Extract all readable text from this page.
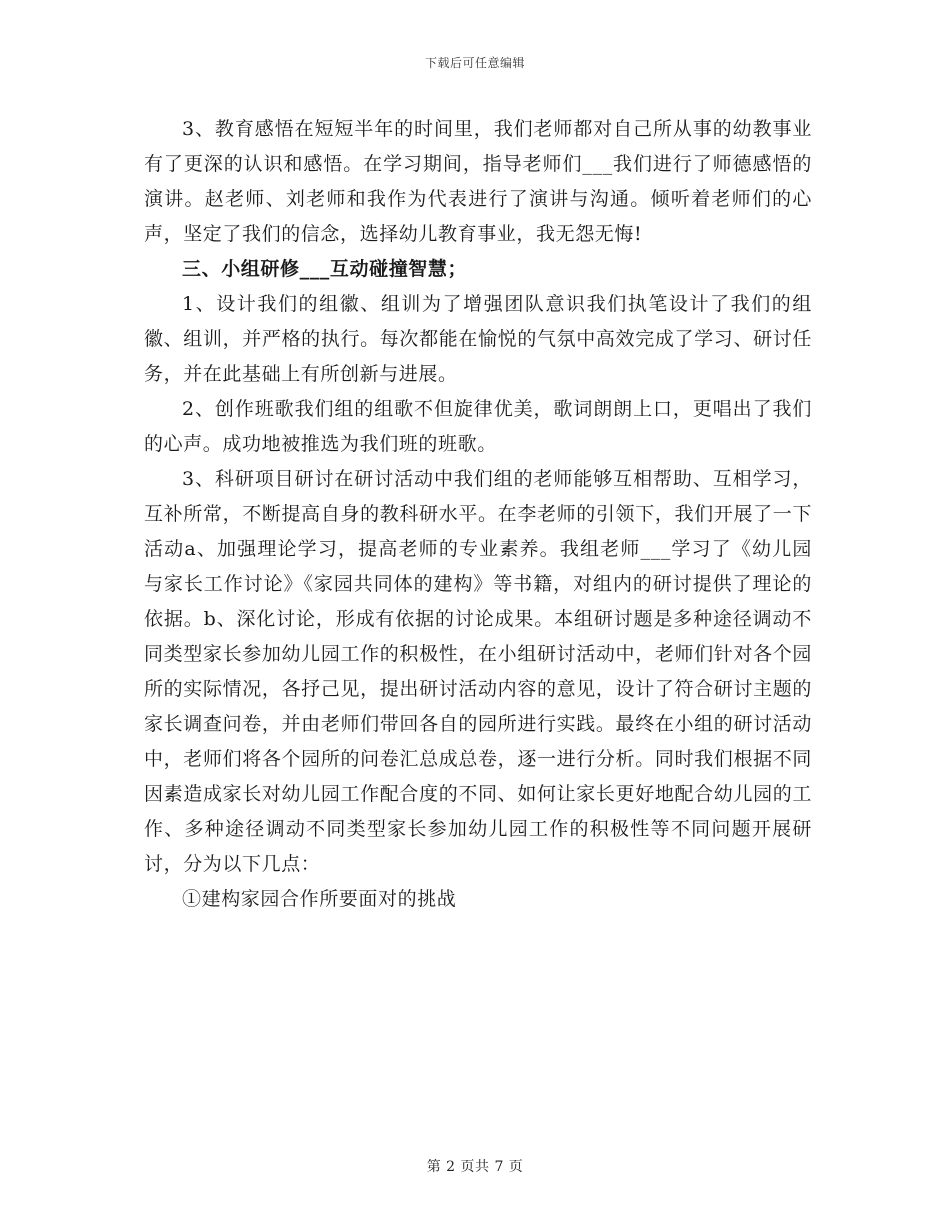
下载后可任意编辑

3、教育感悟在短短半年的时间里，我们老师都对自己所从事的幼教事业有了更深的认识和感悟。在学习期间，指导老师们___我们进行了师德感悟的演讲。赵老师、刘老师和我作为代表进行了演讲与沟通。倾听着老师们的心声，坚定了我们的信念，选择幼儿教育事业，我无怨无悔!

三、小组研修___互动碰撞智慧；

1、设计我们的组徽、组训为了增强团队意识我们执笔设计了我们的组徽、组训，并严格的执行。每次都能在愉悦的气氛中高效完成了学习、研讨任务，并在此基础上有所创新与进展。

2、创作班歌我们组的组歌不但旋律优美，歌词朗朗上口，更唱出了我们的心声。成功地被推选为我们班的班歌。

3、科研项目研讨在研讨活动中我们组的老师能够互相帮助、互相学习，互补所常，不断提高自身的教科研水平。在李老师的引领下，我们开展了一下活动a、加强理论学习，提高老师的专业素养。我组老师___学习了《幼儿园与家长工作讨论》《家园共同体的建构》等书籍，对组内的研讨提供了理论的依据。b、深化讨论，形成有依据的讨论成果。本组研讨题是多种途径调动不同类型家长参加幼儿园工作的积极性，在小组研讨活动中，老师们针对各个园所的实际情况，各抒己见，提出研讨活动内容的意见，设计了符合研讨主题的家长调查问卷，并由老师们带回各自的园所进行实践。最终在小组的研讨活动中，老师们将各个园所的问卷汇总成总卷，逐一进行分析。同时我们根据不同因素造成家长对幼儿园工作配合度的不同、如何让家长更好地配合幼儿园的工作、多种途径调动不同类型家长参加幼儿园工作的积极性等不同问题开展研讨，分为以下几点：

①建构家园合作所要面对的挑战

第 2 页共 7 页
